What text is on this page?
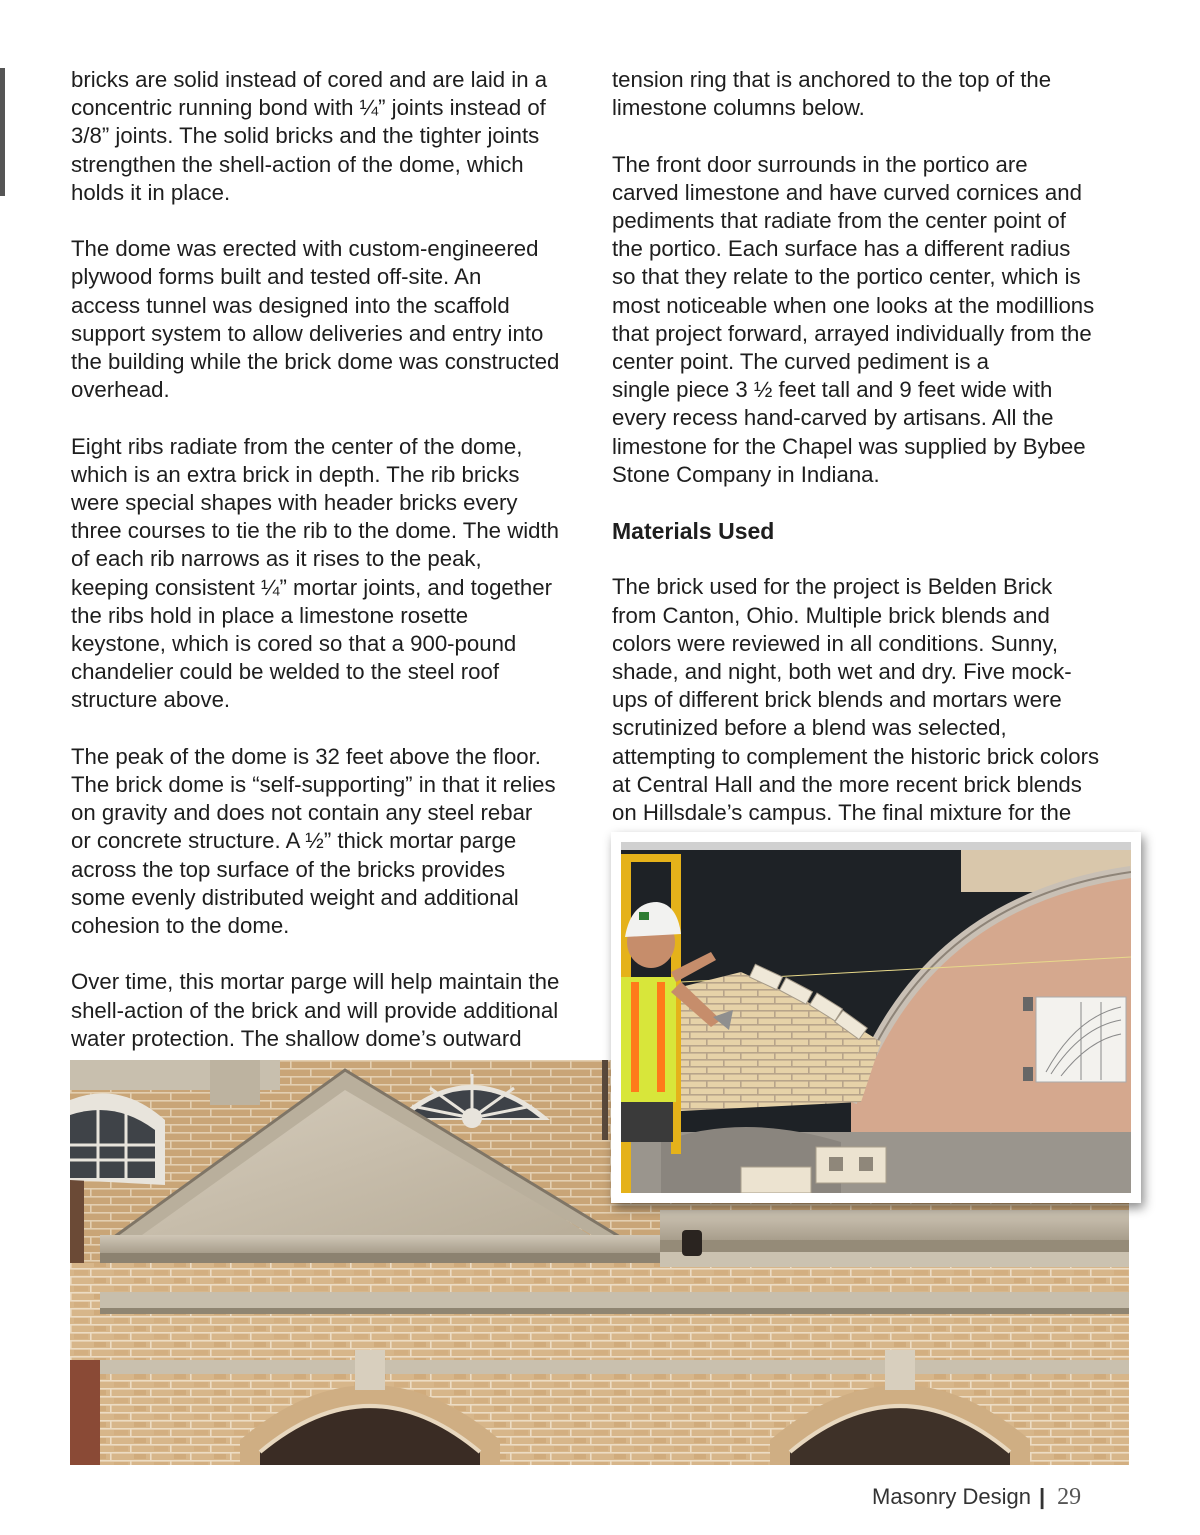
bricks are solid instead of cored and are laid in a
concentric running bond with ¼” joints instead of
3/8” joints. The solid bricks and the tighter joints
strengthen the shell-action of the dome, which
holds it in place.

The dome was erected with custom-engineered
plywood forms built and tested off-site. An
access tunnel was designed into the scaffold
support system to allow deliveries and entry into
the building while the brick dome was constructed
overhead.

Eight ribs radiate from the center of the dome,
which is an extra brick in depth. The rib bricks
were special shapes with header bricks every
three courses to tie the rib to the dome. The width
of each rib narrows as it rises to the peak,
keeping consistent ¼” mortar joints, and together
the ribs hold in place a limestone rosette
keystone, which is cored so that a 900-pound
chandelier could be welded to the steel roof
structure above.

The peak of the dome is 32 feet above the floor.
The brick dome is “self-supporting” in that it relies
on gravity and does not contain any steel rebar
or concrete structure. A ½” thick mortar parge
across the top surface of the bricks provides
some evenly distributed weight and additional
cohesion to the dome.

Over time, this mortar parge will help maintain the
shell-action of the brick and will provide additional
water protection. The shallow dome’s outward

tension ring that is anchored to the top of the
limestone columns below.

The front door surrounds in the portico are
carved limestone and have curved cornices and
pediments that radiate from the center point of
the portico. Each surface has a different radius
so that they relate to the portico center, which is
most noticeable when one looks at the modillions
that project forward, arrayed individually from the
center point. The curved pediment is a
single piece 3 ½ feet tall and 9 feet wide with
every recess hand-carved by artisans. All the
limestone for the Chapel was supplied by Bybee
Stone Company in Indiana.

Materials Used

The brick used for the project is Belden Brick
from Canton, Ohio. Multiple brick blends and
colors were reviewed in all conditions. Sunny,
shade, and night, both wet and dry. Five mock-
ups of different brick blends and mortars were
scrutinized before a blend was selected,
attempting to complement the historic brick colors
at Central Hall and the more recent brick blends
on Hillsdale’s campus. The final mixture for the

Masonry Design | 29
